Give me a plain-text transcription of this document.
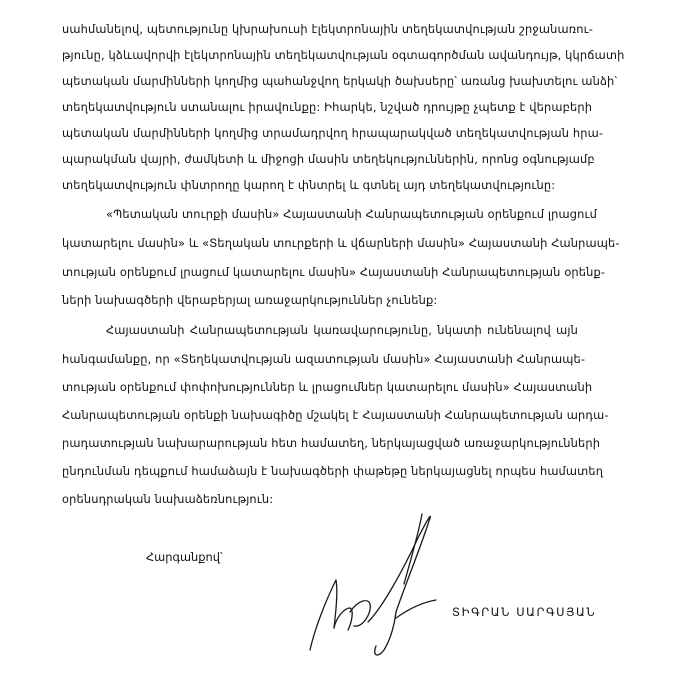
սահմանելով, պետությունը կխրախուսի էլեկտրոնային տեղեկատվության շրջանառու-
թյունը, կձևավորվի էլեկտրոնային տեղեկատվության օգտագործման ավանդույթ, կկրճատի
պետական մարմինների կողմից պահանջվող երկակի ծախսերը՝ առանց խախտելու անձի՝
տեղեկատվություն ստանալու իրավունքը: Իհարկե, նշված դրույթը չպետք է վերաբերի
պետական մարմինների կողմից տրամադրվող հրապարակված տեղեկատվության հրա-
պարակման վայրի, ժամկետի և միջոցի մասին տեղեկություններին, որոնց օգնությամբ
տեղեկատվություն փնտրողը կարող է փնտրել և գտնել այդ տեղեկատվությունը:
«Պետական տուրքի մասին» Հայաստանի Հանրապետության օրենքում լրացում
կատարելու մասին» և «Տեղական տուրքերի և վճարների մասին» Հայաստանի Հանրապե-
տության օրենքում լրացում կատարելու մասին» Հայաստանի Հանրապետության օրենք-
ների նախագծերի վերաբերյալ առաջարկություններ չունենք:
Հայաստանի Հանրապետության կառավարությունը, նկատի ունենալով այն
հանգամանքը, որ «Տեղեկատվության ազատության մասին» Հայաստանի Հանրապե-
տության օրենքում փոփոխություններ և լրացումներ կատարելու մասին» Հայաստանի
Հանրապետության օրենքի նախագիծը մշակել է Հայաստանի Հանրապետության արդա-
րադատության նախարարության հետ համատեղ, ներկայացված առաջարկությունների
ընդունման դեպքում համաձայն է նախագծերի փաթեթը ներկայացնել որպես համատեղ
օրենսդրական նախաձեռնություն:
Հարգանքով՝
ՏԻԳՐԱՆ ՍԱՐԳՍՅԱՆ
